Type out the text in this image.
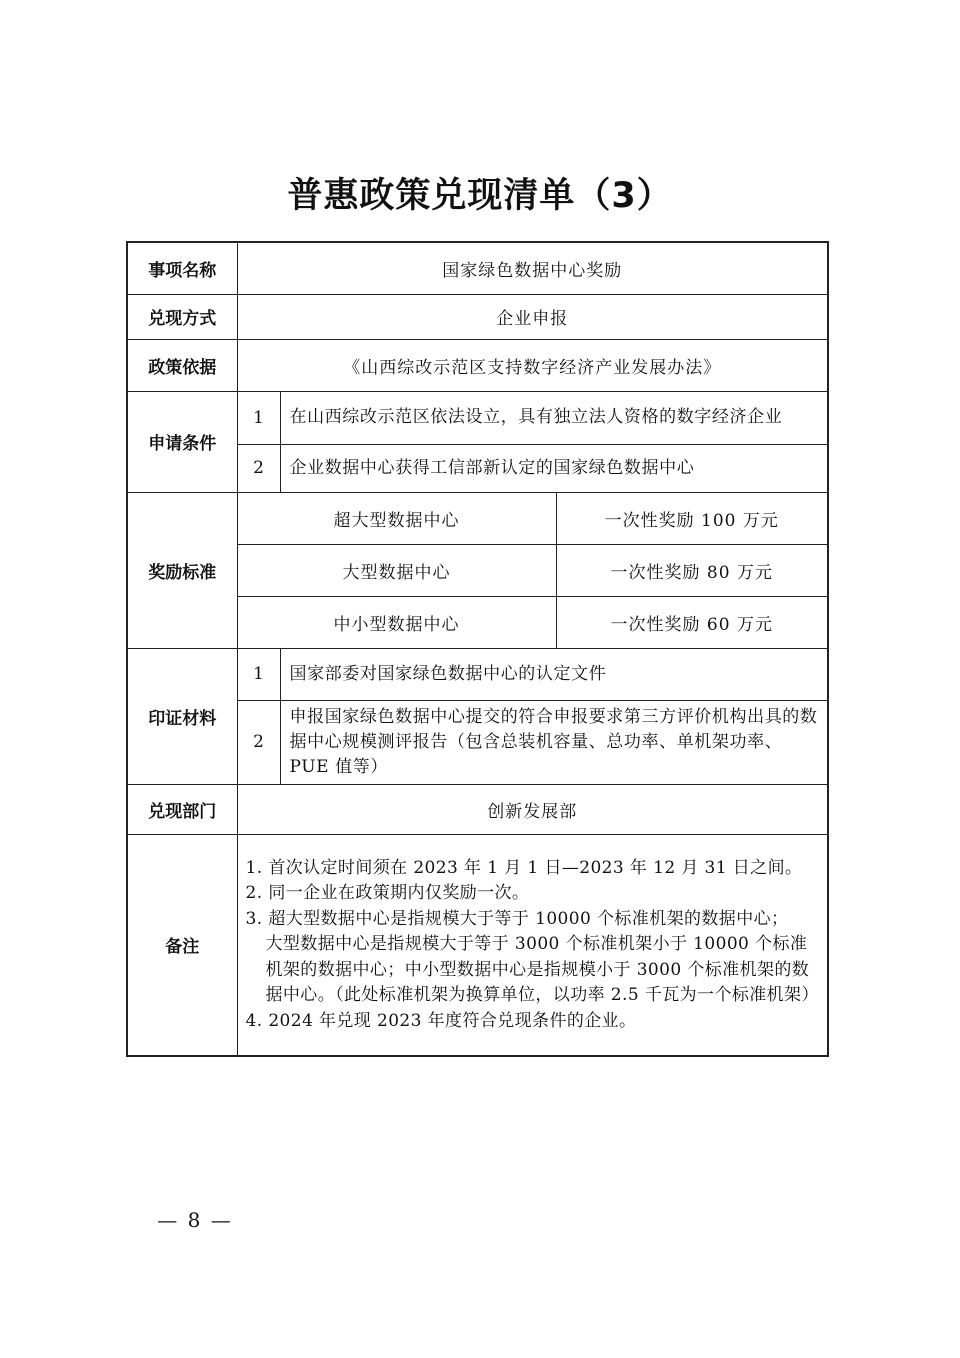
普惠政策兑现清单（3）
事项名称	国家绿色数据中心奖励		
兑现方式	企业申报		
政策依据	《山西综改示范区支持数字经济产业发展办法》		
申请条件	1	在山西综改示范区依法设立，具有独立法人资格的数字经济企业	
	2	企业数据中心获得工信部新认定的国家绿色数据中心	
奖励标准	超大型数据中心		一次性奖励 100 万元
	大型数据中心		一次性奖励 80 万元
	中小型数据中心		一次性奖励 60 万元
印证材料	1	国家部委对国家绿色数据中心的认定文件	
	2	申报国家绿色数据中心提交的符合申报要求第三方评价机构出具的数据中心规模测评报告（包含总装机容量、总功率、单机架功率、PUE 值等）	
兑现部门	创新发展部		
备注	1. 首次认定时间须在 2023 年 1 月 1 日—2023 年 12 月 31 日之间。
2. 同一企业在政策期内仅奖励一次。
3. 超大型数据中心是指规模大于等于 10000 个标准机架的数据中心；
大型数据中心是指规模大于等于 3000 个标准机架小于 10000 个标准机架的数据中心；中小型数据中心是指规模小于 3000 个标准机架的数据中心。（此处标准机架为换算单位，以功率 2.5 千瓦为一个标准机架）
4. 2024 年兑现 2023 年度符合兑现条件的企业。		
— 8 —
